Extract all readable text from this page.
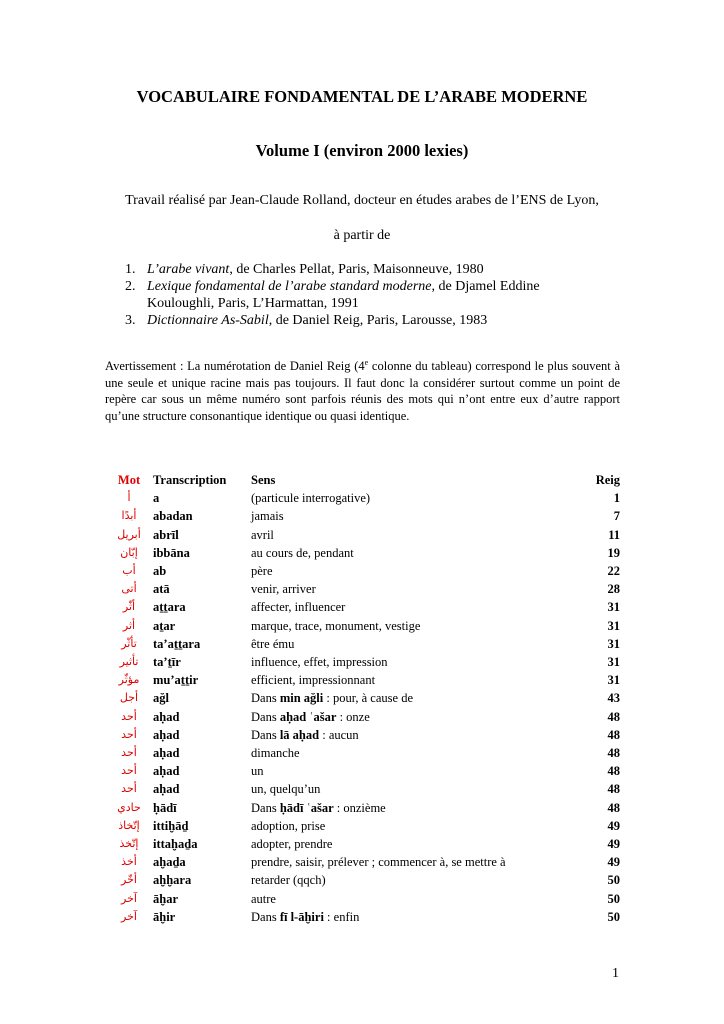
VOCABULAIRE FONDAMENTAL DE L’ARABE MODERNE
Volume I (environ 2000 lexies)

Travail réalisé par Jean-Claude Rolland, docteur en études arabes de l’ENS de Lyon,

à partir de

1. L’arabe vivant, de Charles Pellat, Paris, Maisonneuve, 1980
2. Lexique fondamental de l’arabe standard moderne, de Djamel Eddine Kouloughli, Paris, L’Harmattan, 1991
3. Dictionnaire As-Sabil, de Daniel Reig, Paris, Larousse, 1983

Avertissement : La numérotation de Daniel Reig (4e colonne du tableau) correspond le plus souvent à une seule et unique racine mais pas toujours. Il faut donc la considérer surtout comme un point de repère car sous un même numéro sont parfois réunis des mots qui n’ont entre eux d’autre rapport qu’une structure consonantique identique ou quasi identique.

Mot	Transcription	Sens	Reig
أ	a	(particule interrogative)	1
أبدًا	abadan	jamais	7
أبريل	abrīl	avril	11
إبّان	ibbāna	au cours de, pendant	19
أب	ab	père	22
أتى	atā	venir, arriver	28
أثّر	aṯṯara	affecter, influencer	31
أثر	aṯar	marque, trace, monument, vestige	31
تأثّر	ta’aṯṯara	être ému	31
تأثير	ta’ṯīr	influence, effet, impression	31
مؤثّر	mu’aṯṯir	efficient, impressionnant	31
أجل	ağl	Dans min ağli : pour, à cause de	43
أحد	aḥad	Dans aḥad ʿašar : onze	48
أحد	aḥad	Dans lā aḥad : aucun	48
أحد	aḥad	dimanche	48
أحد	aḥad	un	48
أحد	aḥad	un, quelqu’un	48
حادي	ḥādī	Dans ḥādī ʿašar : onzième	48
إتّخاذ	ittiḫāḏ	adoption, prise	49
إتّخذ	ittaḫaḏa	adopter, prendre	49
أخذ	aḫaḏa	prendre, saisir, prélever ; commencer à, se mettre à	49
أخّر	aḫḫara	retarder (qqch)	50
آخر	āḫar	autre	50
آخر	āḫir	Dans fī l-āḫiri : enfin	50
1
